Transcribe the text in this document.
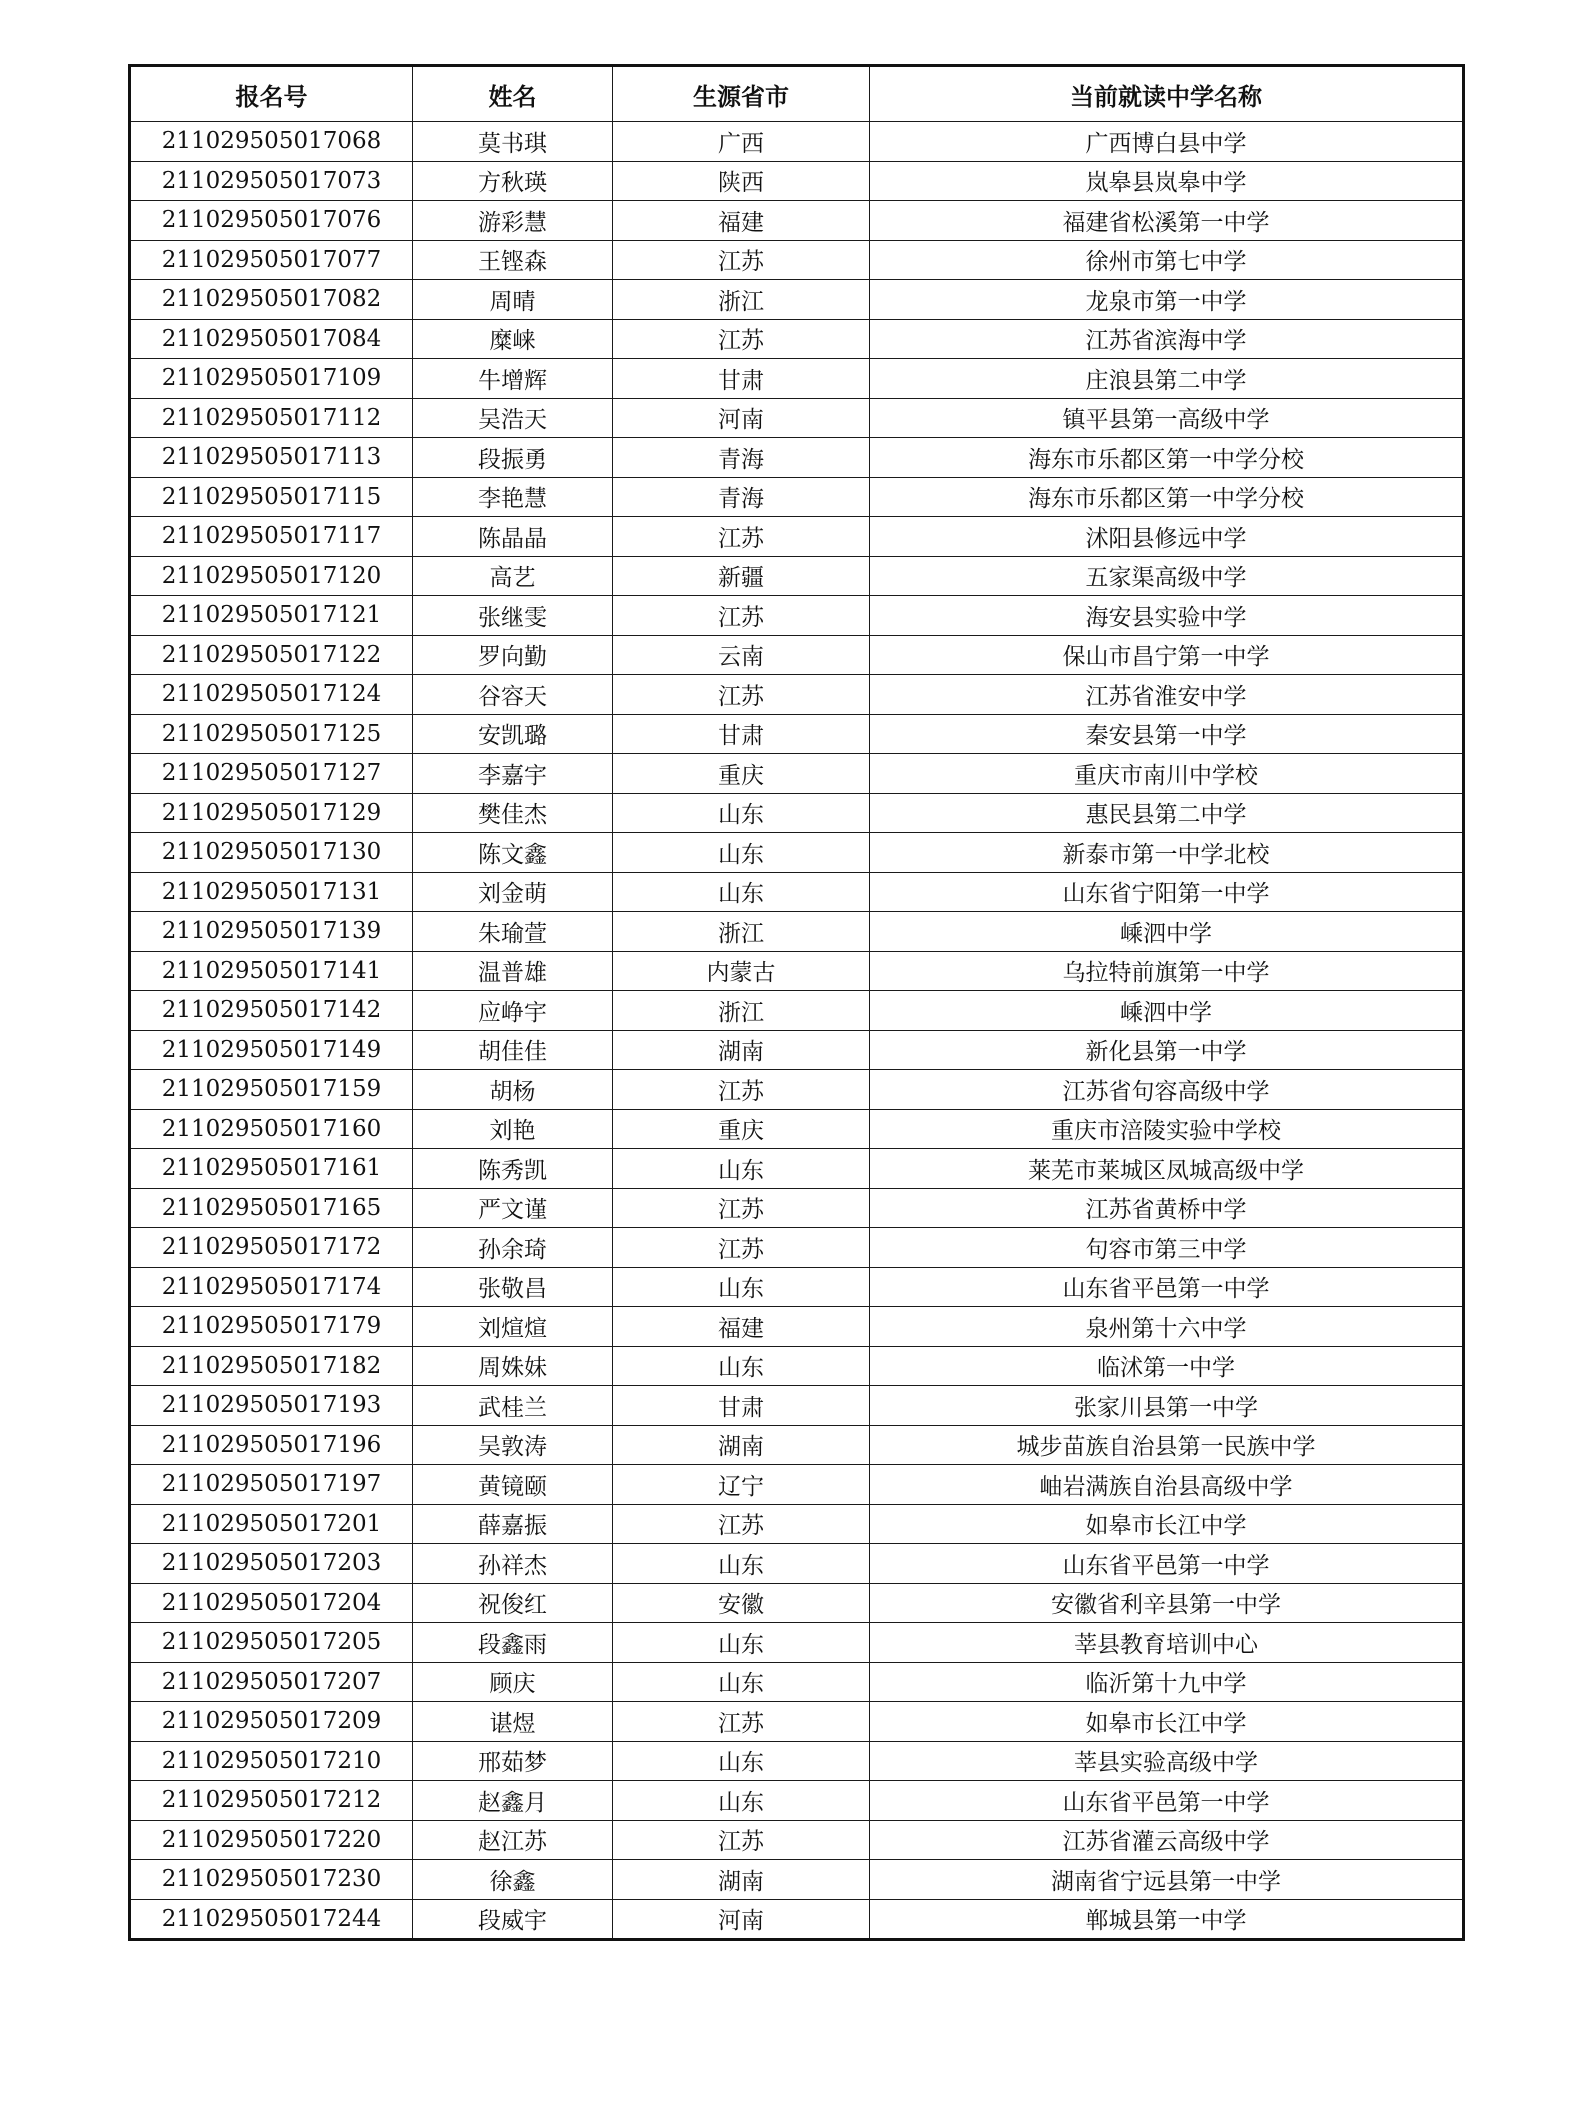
报名号	姓名	生源省市	当前就读中学名称
211029505017068	莫书琪	广西	广西博白县中学
211029505017073	方秋瑛	陕西	岚皋县岚皋中学
211029505017076	游彩慧	福建	福建省松溪第一中学
211029505017077	王铿森	江苏	徐州市第七中学
211029505017082	周晴	浙江	龙泉市第一中学
211029505017084	糜崃	江苏	江苏省滨海中学
211029505017109	牛增辉	甘肃	庄浪县第二中学
211029505017112	吴浩天	河南	镇平县第一高级中学
211029505017113	段振勇	青海	海东市乐都区第一中学分校
211029505017115	李艳慧	青海	海东市乐都区第一中学分校
211029505017117	陈晶晶	江苏	沭阳县修远中学
211029505017120	高艺	新疆	五家渠高级中学
211029505017121	张继雯	江苏	海安县实验中学
211029505017122	罗向勤	云南	保山市昌宁第一中学
211029505017124	谷容天	江苏	江苏省淮安中学
211029505017125	安凯璐	甘肃	秦安县第一中学
211029505017127	李嘉宇	重庆	重庆市南川中学校
211029505017129	樊佳杰	山东	惠民县第二中学
211029505017130	陈文鑫	山东	新泰市第一中学北校
211029505017131	刘金萌	山东	山东省宁阳第一中学
211029505017139	朱瑜萱	浙江	嵊泗中学
211029505017141	温普雄	内蒙古	乌拉特前旗第一中学
211029505017142	应峥宇	浙江	嵊泗中学
211029505017149	胡佳佳	湖南	新化县第一中学
211029505017159	胡杨	江苏	江苏省句容高级中学
211029505017160	刘艳	重庆	重庆市涪陵实验中学校
211029505017161	陈秀凯	山东	莱芜市莱城区凤城高级中学
211029505017165	严文谨	江苏	江苏省黄桥中学
211029505017172	孙余琦	江苏	句容市第三中学
211029505017174	张敬昌	山东	山东省平邑第一中学
211029505017179	刘煊煊	福建	泉州第十六中学
211029505017182	周姝妹	山东	临沭第一中学
211029505017193	武桂兰	甘肃	张家川县第一中学
211029505017196	吴敦涛	湖南	城步苗族自治县第一民族中学
211029505017197	黄镜颐	辽宁	岫岩满族自治县高级中学
211029505017201	薛嘉振	江苏	如皋市长江中学
211029505017203	孙祥杰	山东	山东省平邑第一中学
211029505017204	祝俊红	安徽	安徽省利辛县第一中学
211029505017205	段鑫雨	山东	莘县教育培训中心
211029505017207	顾庆	山东	临沂第十九中学
211029505017209	谌煜	江苏	如皋市长江中学
211029505017210	邢茹梦	山东	莘县实验高级中学
211029505017212	赵鑫月	山东	山东省平邑第一中学
211029505017220	赵江苏	江苏	江苏省灌云高级中学
211029505017230	徐鑫	湖南	湖南省宁远县第一中学
211029505017244	段威宇	河南	郸城县第一中学
